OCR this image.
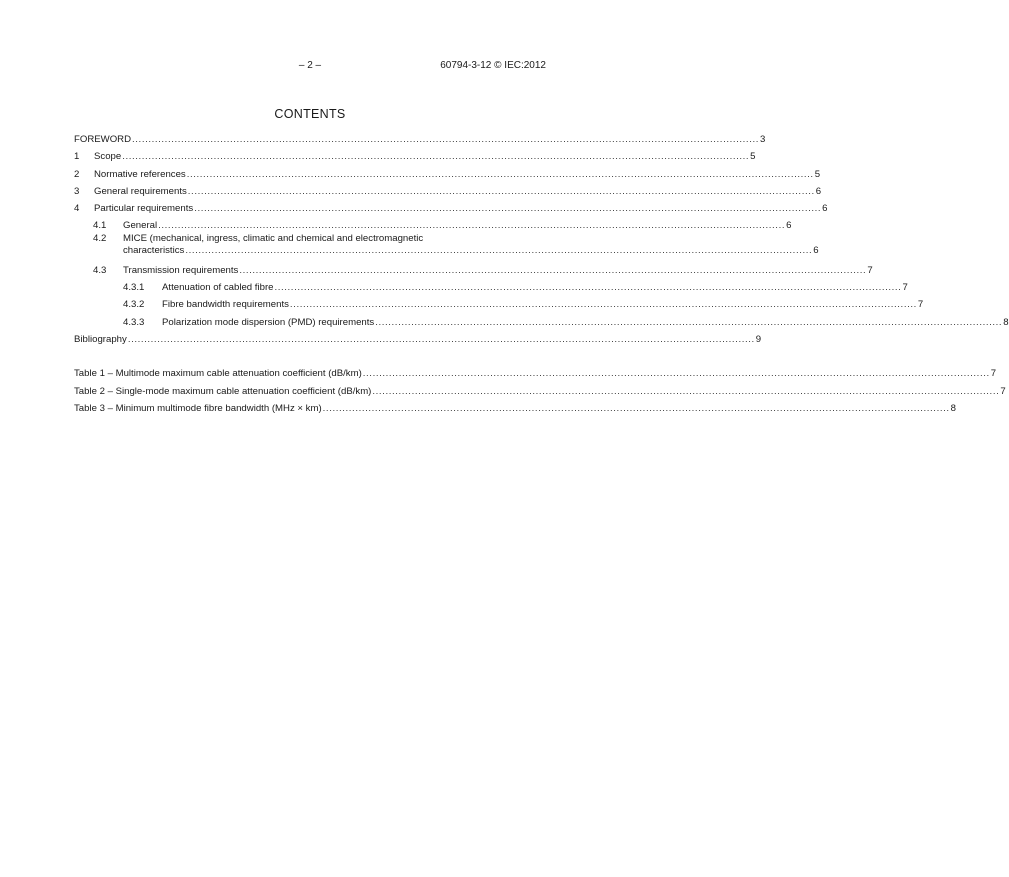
– 2 –	60794-3-12 © IEC:2012
CONTENTS
FOREWORD ................................................................................................................................................................................................ 3
1 Scope ................................................................................................................................................................................................ 5
2 Normative references ................................................................................................................................................................................................ 5
3 General requirements ................................................................................................................................................................................................ 6
4 Particular requirements ................................................................................................................................................................................................ 6
4.1 General ................................................................................................................................................................................................ 6
4.2 MICE (mechanical, ingress, climatic and chemical and electromagnetic
characteristics ................................................................................................................................................................................................ 6
4.3 Transmission requirements ................................................................................................................................................................................................ 7
4.3.1 Attenuation of cabled fibre ................................................................................................................................................................................................ 7
4.3.2 Fibre bandwidth requirements ................................................................................................................................................................................................ 7
4.3.3 Polarization mode dispersion (PMD) requirements ................................................................................................................................................................................................ 8
Bibliography ................................................................................................................................................................................................ 9
Table 1 – Multimode maximum cable attenuation coefficient (dB/km) ................................................................................................................................................................................................ 7
Table 2 – Single-mode maximum cable attenuation coefficient (dB/km) ................................................................................................................................................................................................ 7
Table 3 – Minimum multimode fibre bandwidth (MHz × km) ................................................................................................................................................................................................ 8
